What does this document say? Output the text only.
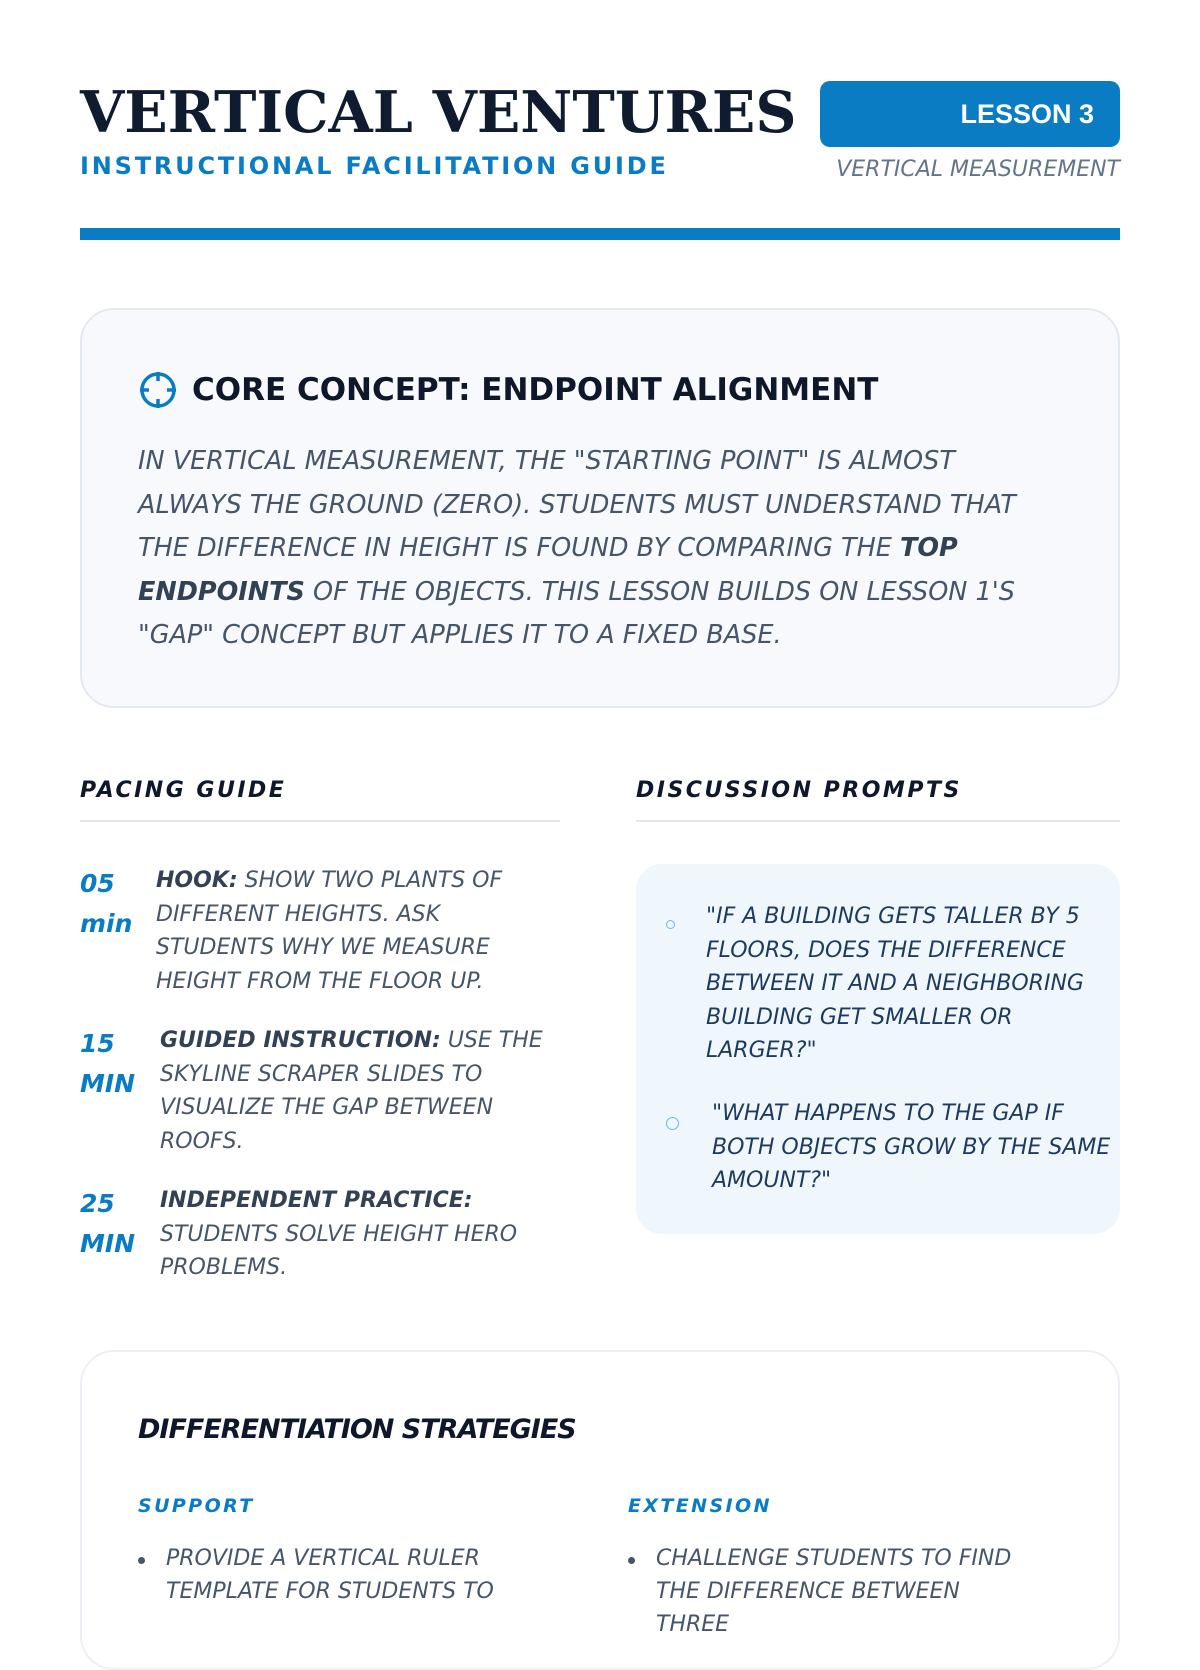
VERTICAL VENTURES
INSTRUCTIONAL FACILITATION GUIDE
LESSON 3
VERTICAL MEASUREMENT
CORE CONCEPT: ENDPOINT ALIGNMENT
IN VERTICAL MEASUREMENT, THE "STARTING POINT" IS ALMOST ALWAYS THE GROUND (ZERO). STUDENTS MUST UNDERSTAND THAT THE DIFFERENCE IN HEIGHT IS FOUND BY COMPARING THE TOP ENDPOINTS OF THE OBJECTS. THIS LESSON BUILDS ON LESSON 1'S "GAP" CONCEPT BUT APPLIES IT TO A FIXED BASE.
PACING GUIDE
05 min
HOOK: SHOW TWO PLANTS OF DIFFERENT HEIGHTS. ASK STUDENTS WHY WE MEASURE HEIGHT FROM THE FLOOR UP.
15 MIN
GUIDED INSTRUCTION: USE THE SKYLINE SCRAPER SLIDES TO VISUALIZE THE GAP BETWEEN ROOFS.
25 MIN
INDEPENDENT PRACTICE: STUDENTS SOLVE HEIGHT HERO PROBLEMS.
DISCUSSION PROMPTS
"IF A BUILDING GETS TALLER BY 5 FLOORS, DOES THE DIFFERENCE BETWEEN IT AND A NEIGHBORING BUILDING GET SMALLER OR LARGER?"
"WHAT HAPPENS TO THE GAP IF BOTH OBJECTS GROW BY THE SAME AMOUNT?"
DIFFERENTIATION STRATEGIES
SUPPORT
PROVIDE A VERTICAL RULER TEMPLATE FOR STUDENTS TO
EXTENSION
CHALLENGE STUDENTS TO FIND THE DIFFERENCE BETWEEN THREE
